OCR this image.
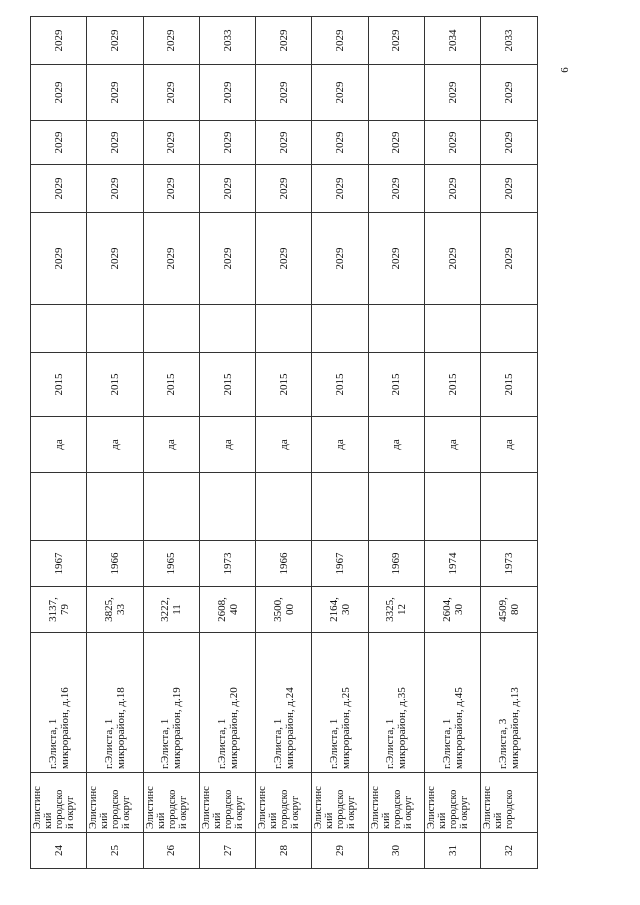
6
24	Элистинс
кий
городско
й округ	г.Элиста, 1
микрорайон, д.16	3137,
79	1967		да	2015		2029	2029	2029	2029	2029
25	Элистинс
кий
городско
й округ	г.Элиста, 1
микрорайон, д.18	3825,
33	1966		да	2015		2029	2029	2029	2029	2029
26	Элистинс
кий
городско
й округ	г.Элиста, 1
микрорайон, д.19	3222,
11	1965		да	2015		2029	2029	2029	2029	2029
27	Элистинс
кий
городско
й округ	г.Элиста, 1
микрорайон, д.20	2608,
40	1973		да	2015		2029	2029	2029	2029	2033
28	Элистинс
кий
городско
й округ	г.Элиста, 1
микрорайон, д.24	3500,
00	1966		да	2015		2029	2029	2029	2029	2029
29	Элистинс
кий
городско
й округ	г.Элиста, 1
микрорайон, д.25	2164,
30	1967		да	2015		2029	2029	2029	2029	2029
30	Элистинс
кий
городско
й округ	г.Элиста, 1
микрорайон, д.35	3325,
12	1969		да	2015		2029	2029	2029		2029
31	Элистинс
кий
городско
й округ	г.Элиста, 1
микрорайон, д.45	2604,
30	1974		да	2015		2029	2029	2029	2029	2034
32	Элистинс
кий
городско	г.Элиста, 3
микрорайон, д.13	4509,
80	1973		да	2015		2029	2029	2029	2029	2033
